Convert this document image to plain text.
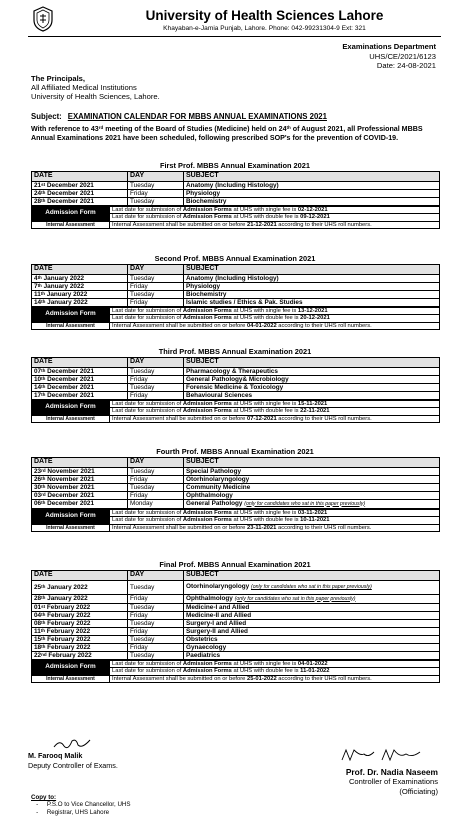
University of Health Sciences Lahore
Khayaban-e-Jamia Punjab, Lahore. Phone: 042-99231304-9 Ext: 321
Examinations Department
UHS/CE/2021/6123
Date: 24-08-2021
The Principals,
All Affiliated Medical Institutions
University of Health Sciences, Lahore.
Subject: EXAMINATION CALENDAR FOR MBBS ANNUAL EXAMINATIONS 2021
With reference to 43rd meeting of the Board of Studies (Medicine) held on 24th of August 2021, all Professional MBBS Annual Examinations 2021 have been scheduled, following prescribed SOP's for the prevention of COVID-19.
First Prof. MBBS Annual Examination 2021
DATE	DAY	SUBJECT
21st December 2021	Tuesday	Anatomy (Including Histology)
24th December 2021	Friday	Physiology
28th December 2021	Tuesday	Biochemistry
Admission Form	Last date for submission of Admission Forms at UHS with single fee is 02-12-2021
	Last date for submission of Admission Forms at UHS with double fee is 09-12-2021
Internal Assessment	Internal Assessment shall be submitted on or before 21-12-2021 according to their UHS roll numbers.
Second Prof. MBBS Annual Examination 2021
DATE	DAY	SUBJECT
4th January 2022	Tuesday	Anatomy (Including Histology)
7th January 2022	Friday	Physiology
11th January 2022	Tuesday	Biochemistry
14th January 2022	Friday	Islamic studies / Ethics & Pak. Studies
Admission Form	Last date for submission of Admission Forms at UHS with single fee is 13-12-2021
	Last date for submission of Admission Forms at UHS with double fee is 20-12-2021
Internal Assessment	Internal Assessment shall be submitted on or before 04-01-2022 according to their UHS roll numbers.
Third Prof. MBBS Annual Examination 2021
DATE	DAY	SUBJECT
07th December 2021	Tuesday	Pharmacology & Therapeutics
10th December 2021	Friday	General Pathology& Microbiology
14th December 2021	Tuesday	Forensic Medicine & Toxicology
17th December 2021	Friday	Behavioural Sciences
Admission Form	Last date for submission of Admission Forms at UHS with single fee is 15-11-2021
	Last date for submission of Admission Forms at UHS with double fee is 22-11-2021
Internal Assessment	Internal Assessment shall be submitted on or before 07-12-2021 according to their UHS roll numbers.
Fourth Prof. MBBS Annual Examination 2021
DATE	DAY	SUBJECT
23rd November 2021	Tuesday	Special Pathology
26th November 2021	Friday	Otorhinolaryngology
30th November 2021	Tuesday	Community Medicine
03rd December 2021	Friday	Ophthalmology
06th December 2021	Monday	General Pathology (only for candidates who sat in this paper previously)
Admission Form	Last date for submission of Admission Forms at UHS with single fee is 03-11-2021
	Last date for submission of Admission Forms at UHS with double fee is 10-11-2021
Internal Assessment	Internal Assessment shall be submitted on or before 23-11-2021 according to their UHS roll numbers.
Final Prof. MBBS Annual Examination 2021
DATE	DAY	SUBJECT
25th January 2022	Tuesday	Otorhinolaryngology (only for candidates who sat in this paper previously)
28th January 2022	Friday	Ophthalmology (only for candidates who sat in this paper previously)
01st February 2022	Tuesday	Medicine-I and Allied
04th February 2022	Friday	Medicine-II and Allied
08th February 2022	Tuesday	Surgery-I and Allied
11th February 2022	Friday	Surgery-II and Allied
15th February 2022	Tuesday	Obstetrics
18th February 2022	Friday	Gynaecology
22nd February 2022	Tuesday	Paediatrics
Admission Form	Last date for submission of Admission Forms at UHS with single fee is 04-01-2022
	Last date for submission of Admission Forms at UHS with double fee is 11-01-2022
Internal Assessment	Internal Assessment shall be submitted on or before 25-01-2022 according to their UHS roll numbers.
M. Farooq Malik
Deputy Controller of Exams.
Prof. Dr. Nadia Naseem
Controller of Examinations
(Officiating)
Copy to:
-     P.S.O to Vice Chancellor, UHS
-     Registrar, UHS Lahore
